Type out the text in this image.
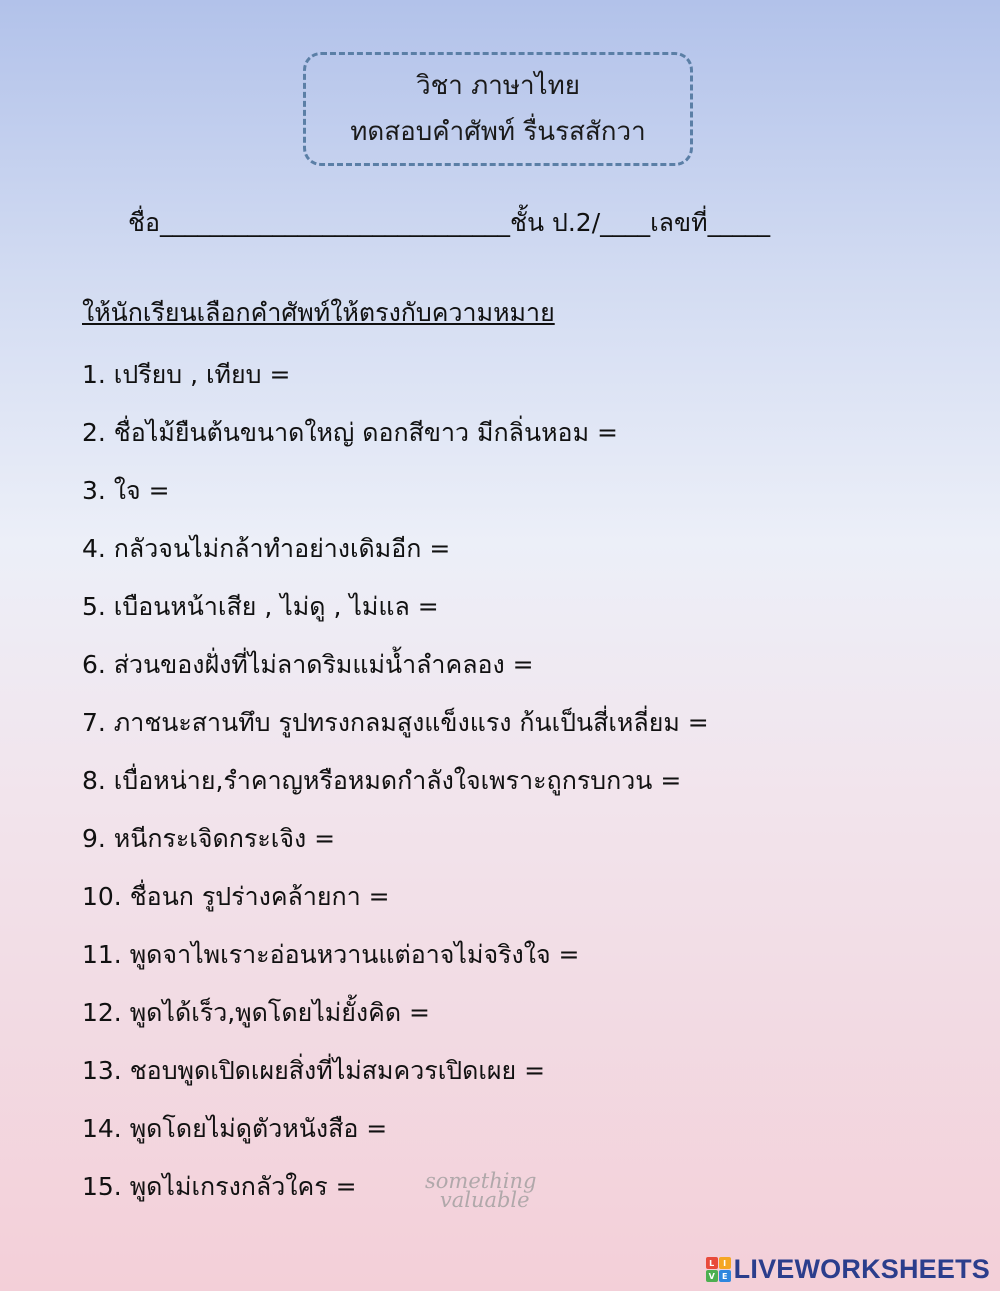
วิชา ภาษาไทย
ทดสอบคำศัพท์ รื่นรสสักวา
ชื่อ____________________________ชั้น ป.2/____เลขที่_____
ให้นักเรียนเลือกคำศัพท์ให้ตรงกับความหมาย
1. เปรียบ , เทียบ =
2. ชื่อไม้ยืนต้นขนาดใหญ่ ดอกสีขาว มีกลิ่นหอม =
3. ใจ =
4. กลัวจนไม่กล้าทำอย่างเดิมอีก =
5. เบือนหน้าเสีย , ไม่ดู , ไม่แล =
6. ส่วนของฝั่งที่ไม่ลาดริมแม่น้ำลำคลอง =
7. ภาชนะสานทึบ รูปทรงกลมสูงแข็งแรง ก้นเป็นสี่เหลี่ยม =
8. เบื่อหน่าย,รำคาญหรือหมดกำลังใจเพราะถูกรบกวน =
9. หนีกระเจิดกระเจิง =
10. ชื่อนก รูปร่างคล้ายกา =
11. พูดจาไพเราะอ่อนหวานแต่อาจไม่จริงใจ =
12. พูดได้เร็ว,พูดโดยไม่ยั้งคิด =
13. ชอบพูดเปิดเผยสิ่งที่ไม่สมควรเปิดเผย =
14. พูดโดยไม่ดูตัวหนังสือ =
15. พูดไม่เกรงกลัวใคร =	something
valuable
L	I
V E LIVEWORKSHEETS
